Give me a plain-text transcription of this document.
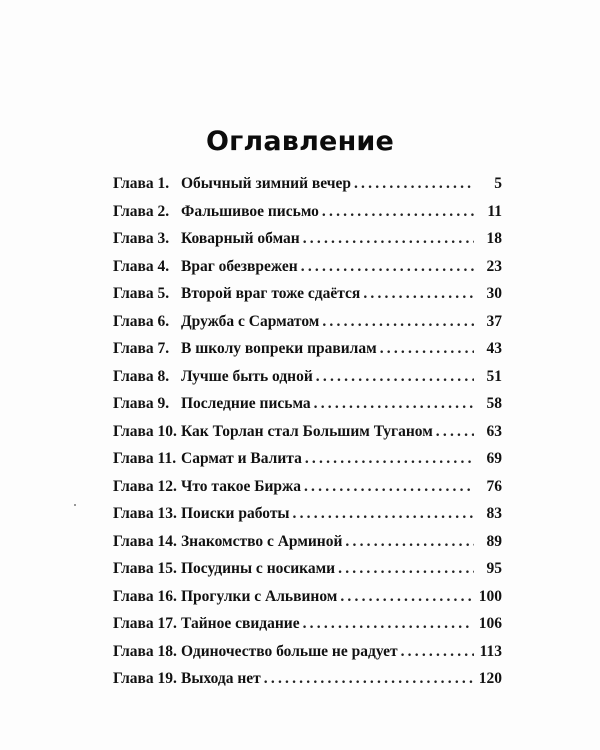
Оглавление
Глава 1. Обычный зимний вечер .....	5
Глава 2. Фальшивое письмо .....	11
Глава 3. Коварный обман .....	18
Глава 4. Враг обезврежен .....	23
Глава 5. Второй враг тоже сдаётся .....	30
Глава 6. Дружба с Сарматом .....	37
Глава 7. В школу вопреки правилам .....	43
Глава 8. Лучше быть одной .....	51
Глава 9. Последние письма .....	58
Глава 10. Как Торлан стал Большим Туганом .....	63
Глава 11. Сармат и Валита .....	69
Глава 12. Что такое Биржа .....	76
Глава 13. Поиски работы .....	83
Глава 14. Знакомство с Арминой .....	89
Глава 15. Посудины с носиками .....	95
Глава 16. Прогулки с Альвином .....	100
Глава 17. Тайное свидание .....	106
Глава 18. Одиночество больше не радует .....	113
Глава 19. Выхода нет .....	120
